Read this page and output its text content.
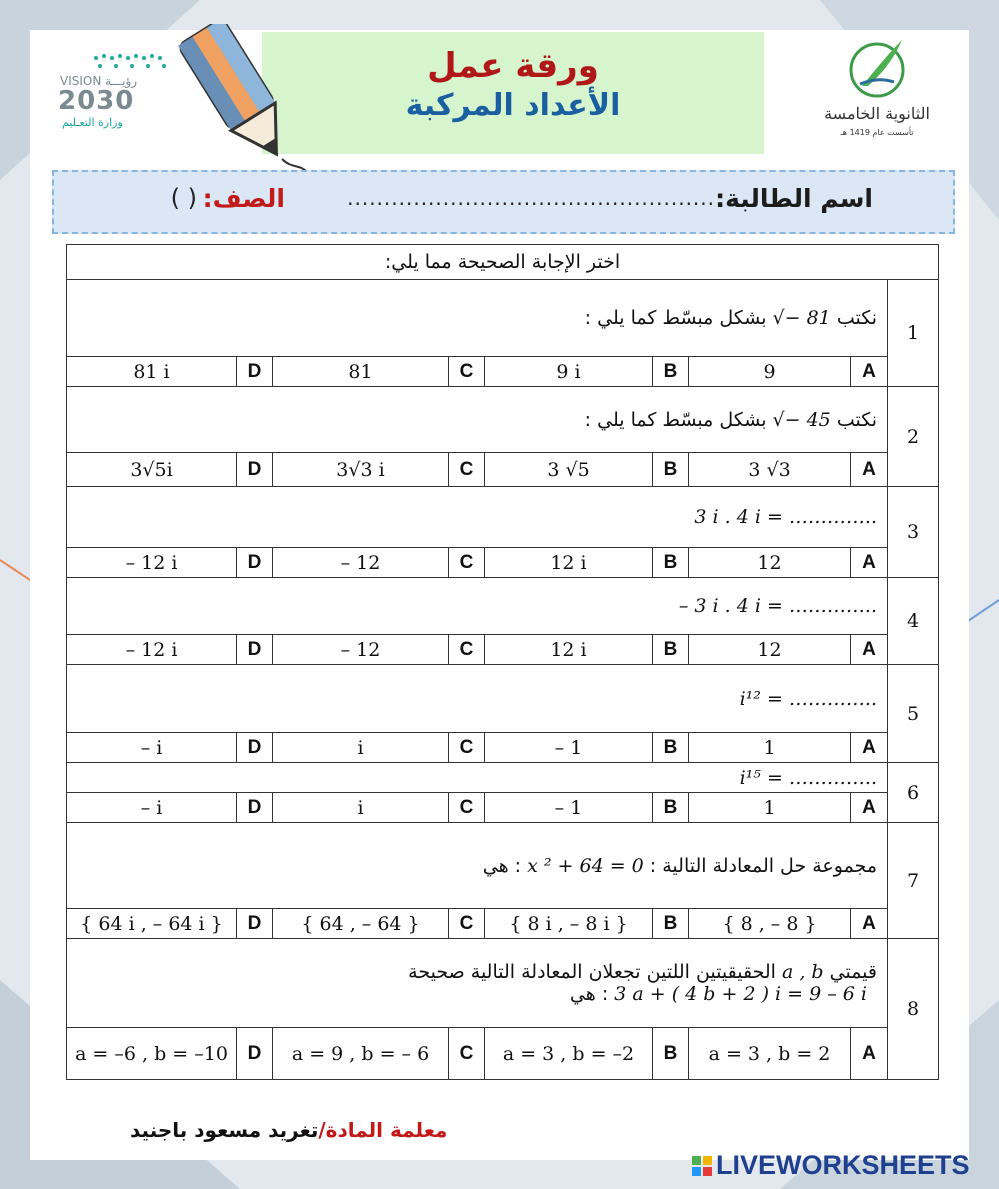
VISION رؤيـــة
2030
وزارة التعـليم
ورقة عمل
الأعداد المركبة	الثانوية الخامسة
تأسست عام 1419 هـ
اسم الطالبة:
..................................................
الصف:
( )
اختر الإجابة الصحيحة مما يلي:								
نكتب √− 81 بشكل مبسّط كما يلي :								1
81 i	D	81	C	9 i	B	9	A	
نكتب √− 45 بشكل مبسّط كما يلي :								2
3√5i	D	3√3 i	C	3 √5	B	3 √3	A	
3 i . 4 i = …………..								3
– 12 i	D	– 12	C	12 i	B	12	A	
– 3 i . 4 i = …………..								4
– 12 i	D	– 12	C	12 i	B	12	A	
i¹² = …………..								5
– i	D	i	C	– 1	B	1	A	
i¹⁵ = …………..								6
– i	D	i	C	– 1	B	1	A	
مجموعة حل المعادلة التالية : x ² + 64 = 0 : هي								7
{ 64 i , – 64 i }	D	{ 64 , – 64 }	C	{ 8 i , – 8 i }	B	{ 8 , – 8 }	A	

قيمتي a , b الحقيقيتين اللتين تجعلان المعادلة التالية صحيحة
3 a + ( 4 b + 2 ) i = 9 – 6 i : هي								8
a = –6 , b = –10	D	a = 9 , b = – 6	C	a = 3 , b = –2	B	a = 3 , b = 2	A	
معلمة المادة/تغريد مسعود باجنيد
LIVEWORKSHEETS
